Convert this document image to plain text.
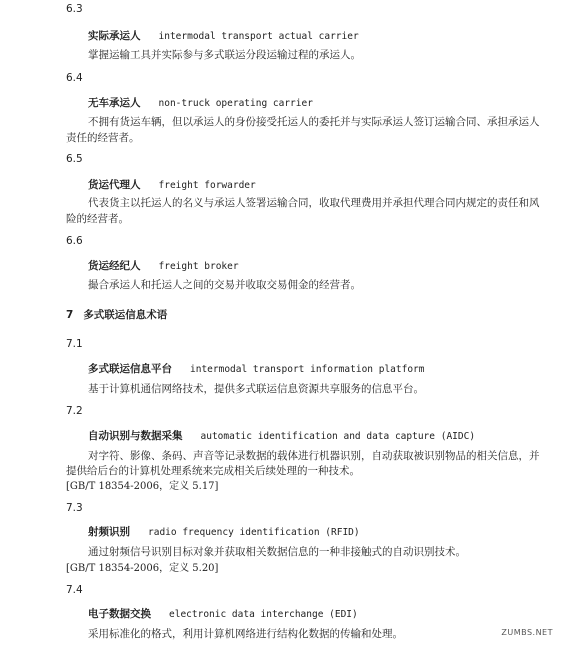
6.3
实际承运人 intermodal transport actual carrier
掌握运输工具并实际参与多式联运分段运输过程的承运人。
6.4
无车承运人 non-truck operating carrier
不拥有货运车辆，但以承运人的身份接受托运人的委托并与实际承运人签订运输合同、承担承运人
责任的经营者。
6.5
货运代理人 freight forwarder
代表货主以托运人的名义与承运人签署运输合同，收取代理费用并承担代理合同内规定的责任和风
险的经营者。
6.6
货运经纪人 freight broker
撮合承运人和托运人之间的交易并收取交易佣金的经营者。
7 多式联运信息术语
7.1
多式联运信息平台 intermodal transport information platform
基于计算机通信网络技术，提供多式联运信息资源共享服务的信息平台。
7.2
自动识别与数据采集 automatic identification and data capture (AIDC)
对字符、影像、条码、声音等记录数据的载体进行机器识别，自动获取被识别物品的相关信息，并
提供给后台的计算机处理系统来完成相关后续处理的一种技术。
[GB/T 18354-2006，定义 5.17]
7.3
射频识别 radio frequency identification (RFID)
通过射频信号识别目标对象并获取相关数据信息的一种非接触式的自动识别技术。
[GB/T 18354-2006，定义 5.20]
7.4
电子数据交换 electronic data interchange (EDI)
采用标准化的格式，利用计算机网络进行结构化数据的传输和处理。	ZUMBS.NET
